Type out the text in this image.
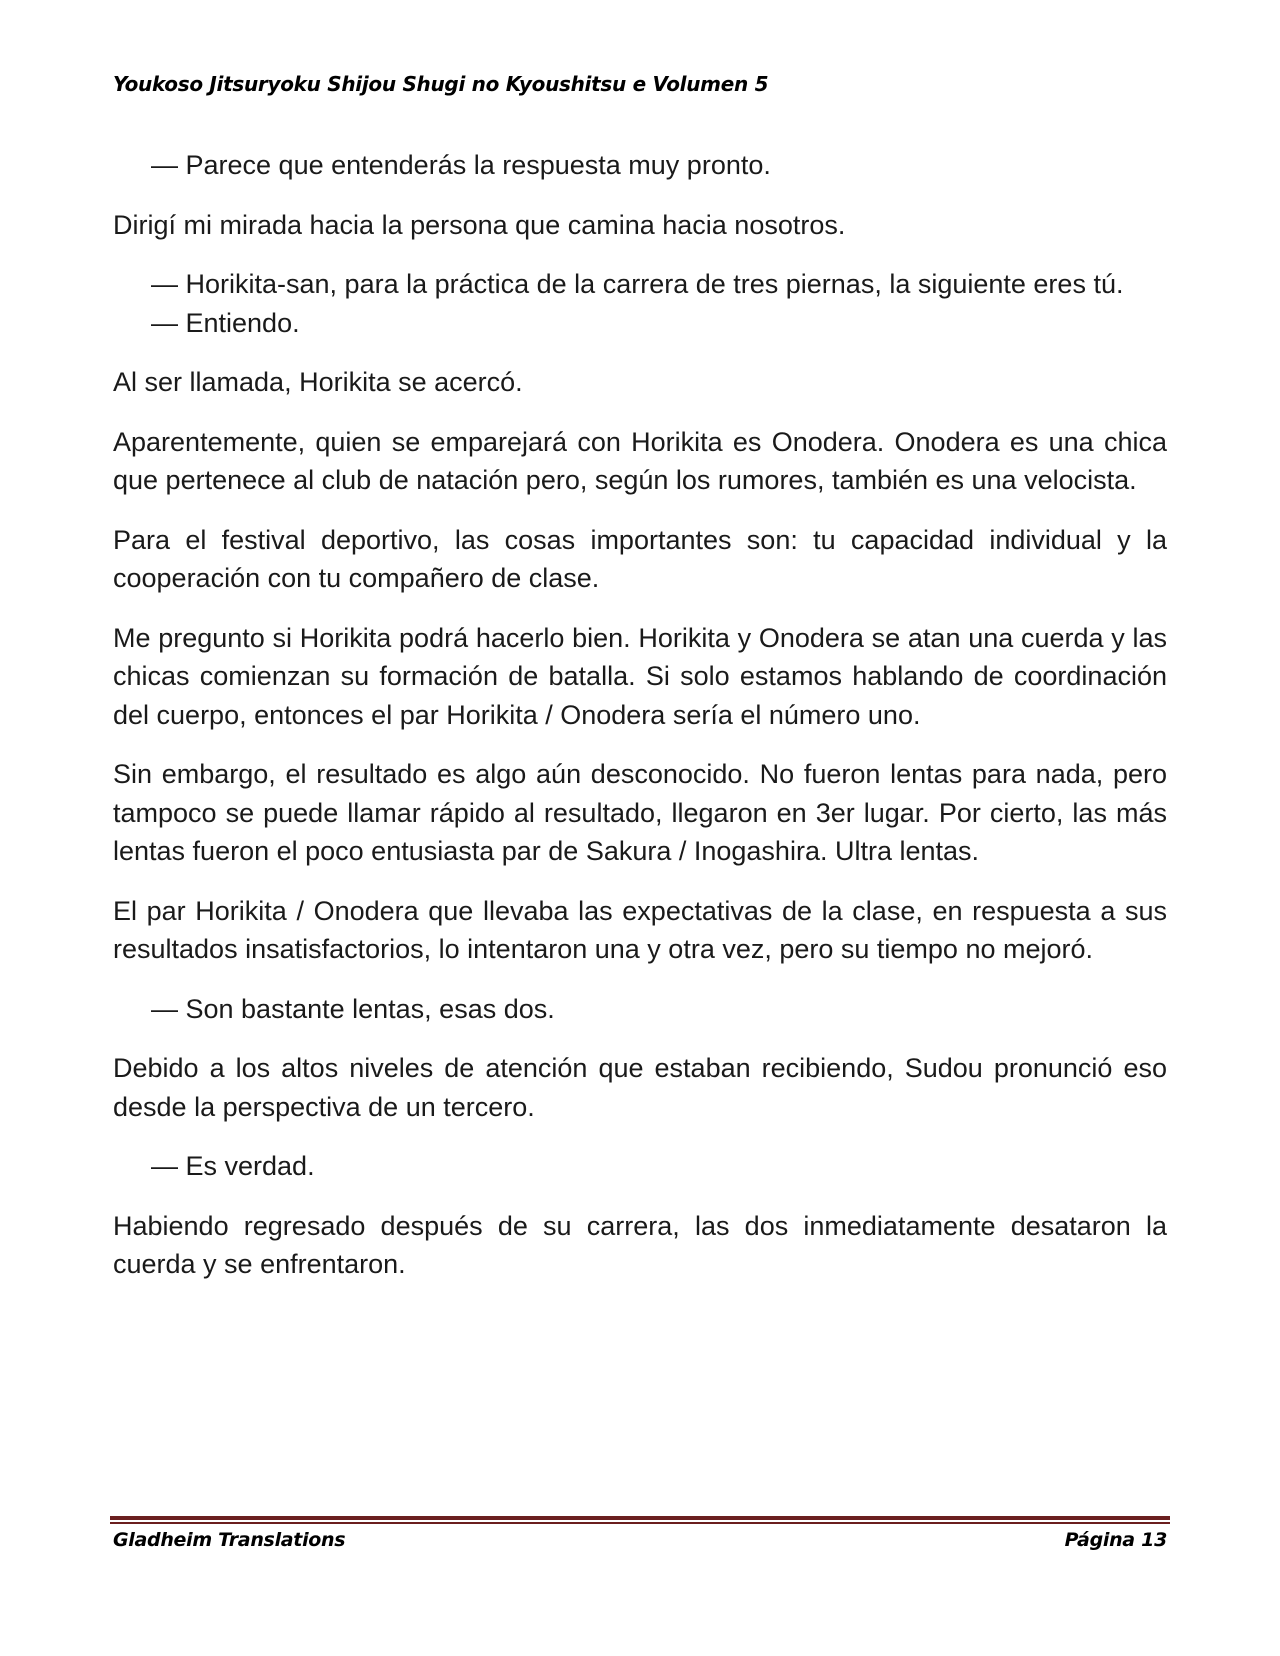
Youkoso Jitsuryoku Shijou Shugi no Kyoushitsu e Volumen 5

— Parece que entenderás la respuesta muy pronto.

Dirigí mi mirada hacia la persona que camina hacia nosotros.

— Horikita-san, para la práctica de la carrera de tres piernas, la siguiente eres tú.

— Entiendo.

Al ser llamada, Horikita se acercó.

Aparentemente, quien se emparejará con Horikita es Onodera. Onodera es una chica que pertenece al club de natación pero, según los rumores, también es una velocista.

Para el festival deportivo, las cosas importantes son: tu capacidad individual y la cooperación con tu compañero de clase.

Me pregunto si Horikita podrá hacerlo bien. Horikita y Onodera se atan una cuerda y las chicas comienzan su formación de batalla. Si solo estamos hablando de coordinación del cuerpo, entonces el par Horikita / Onodera sería el número uno.

Sin embargo, el resultado es algo aún desconocido. No fueron lentas para nada, pero tampoco se puede llamar rápido al resultado, llegaron en 3er lugar. Por cierto, las más lentas fueron el poco entusiasta par de Sakura / Inogashira. Ultra lentas.

El par Horikita / Onodera que llevaba las expectativas de la clase, en respuesta a sus resultados insatisfactorios, lo intentaron una y otra vez, pero su tiempo no mejoró.

— Son bastante lentas, esas dos.

Debido a los altos niveles de atención que estaban recibiendo, Sudou pronunció eso desde la perspectiva de un tercero.

— Es verdad.

Habiendo regresado después de su carrera, las dos inmediatamente desataron la cuerda y se enfrentaron.

Gladheim Translations	Página 13
